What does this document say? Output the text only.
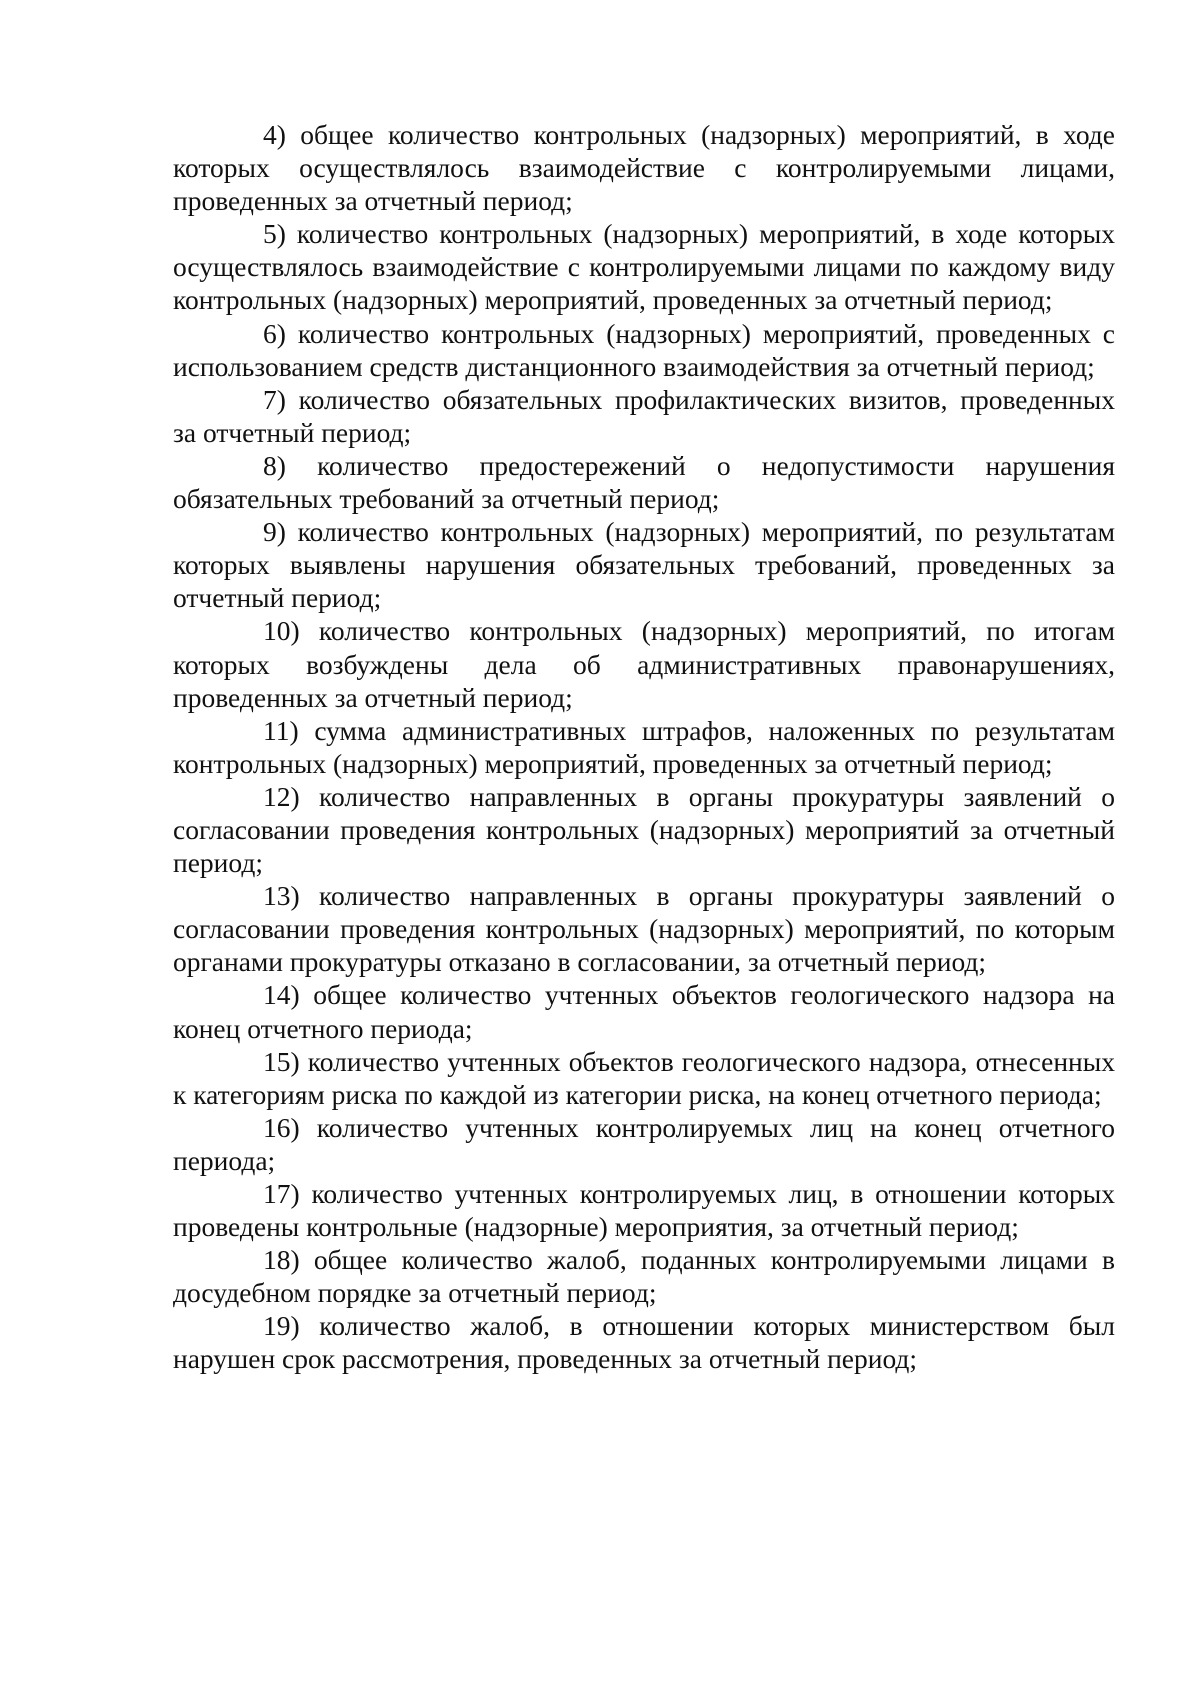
4) общее количество контрольных (надзорных) мероприятий, в ходе которых осуществлялось взаимодействие с контролируемыми лицами, проведенных за отчетный период;

5) количество контрольных (надзорных) мероприятий, в ходе которых осуществлялось взаимодействие с контролируемыми лицами по каждому виду контрольных (надзорных) мероприятий, проведенных за отчетный период;

6) количество контрольных (надзорных) мероприятий, проведенных с использованием средств дистанционного взаимодействия за отчетный период;

7) количество обязательных профилактических визитов, проведенных за отчетный период;

8) количество предостережений о недопустимости нарушения обязательных требований за отчетный период;

9) количество контрольных (надзорных) мероприятий, по результатам которых выявлены нарушения обязательных требований, проведенных за отчетный период;

10) количество контрольных (надзорных) мероприятий, по итогам которых возбуждены дела об административных правонарушениях, проведенных за отчетный период;

11) сумма административных штрафов, наложенных по результатам контрольных (надзорных) мероприятий, проведенных за отчетный период;

12) количество направленных в органы прокуратуры заявлений о согласовании проведения контрольных (надзорных) мероприятий за отчетный период;

13) количество направленных в органы прокуратуры заявлений о согласовании проведения контрольных (надзорных) мероприятий, по которым органами прокуратуры отказано в согласовании, за отчетный период;

14) общее количество учтенных объектов геологического надзора на конец отчетного периода;

15) количество учтенных объектов геологического надзора, отнесенных к категориям риска по каждой из категории риска, на конец отчетного периода;

16) количество учтенных контролируемых лиц на конец отчетного периода;

17) количество учтенных контролируемых лиц, в отношении которых проведены контрольные (надзорные) мероприятия, за отчетный период;

18) общее количество жалоб, поданных контролируемыми лицами в досудебном порядке за отчетный период;

19) количество жалоб, в отношении которых министерством был нарушен срок рассмотрения, проведенных за отчетный период;
